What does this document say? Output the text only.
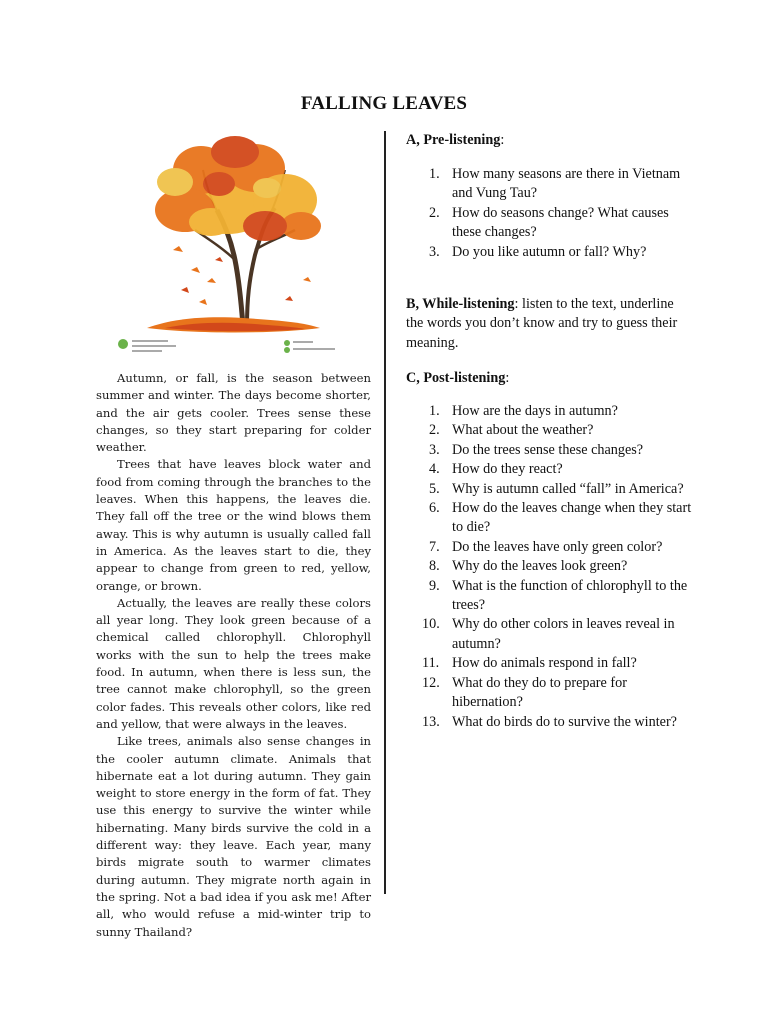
FALLING LEAVES

Autumn, or fall, is the season between summer and winter. The days become shorter, and the air gets cooler. Trees sense these changes, so they start preparing for colder weather.

Trees that have leaves block water and food from coming through the branches to the leaves. When this happens, the leaves die. They fall off the tree or the wind blows them away. This is why autumn is usually called fall in America. As the leaves start to die, they appear to change from green to red, yellow, orange, or brown.

Actually, the leaves are really these colors all year long. They look green because of a chemical called chlorophyll. Chlorophyll works with the sun to help the trees make food. In autumn, when there is less sun, the tree cannot make chlorophyll, so the green color fades. This reveals other colors, like red and yellow, that were always in the leaves.

Like trees, animals also sense changes in the cooler autumn climate. Animals that hibernate eat a lot during autumn. They gain weight to store energy in the form of fat. They use this energy to survive the winter while hibernating. Many birds survive the cold in a different way: they leave. Each year, many birds migrate south to warmer climates during autumn. They migrate north again in the spring. Not a bad idea if you ask me! After all, who would refuse a mid-winter trip to sunny Thailand?

A, Pre-listening:
1. How many seasons are there in Vietnam and Vung Tau?
2. How do seasons change? What causes these changes?
3. Do you like autumn or fall? Why?
B, While-listening: listen to the text, underline the words you don’t know and try to guess their meaning.
C, Post-listening:
1. How are the days in autumn?
2. What about the weather?
3. Do the trees sense these changes?
4. How do they react?
5. Why is autumn called “fall” in America?
6. How do the leaves change when they start to die?
7. Do the leaves have only green color?
8. Why do the leaves look green?
9. What is the function of chlorophyll to the trees?
10. Why do other colors in leaves reveal in autumn?
11. How do animals respond in fall?
12. What do they do to prepare for hibernation?
13. What do birds do to survive the winter?
